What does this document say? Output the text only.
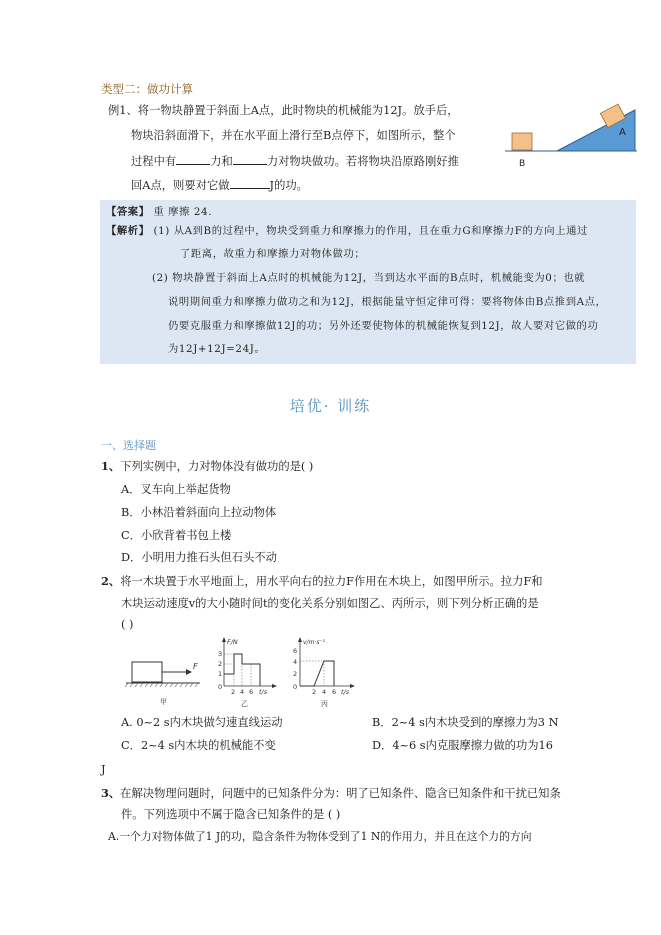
类型二：做功计算
例1、将一物块静置于斜面上A点，此时物块的机械能为12J。放手后，
物块沿斜面滑下，并在水平面上滑行至B点停下，如图所示，整个
过程中有	力和	力对物块做功。若将物块沿原路刚好推
回A点，则要对它做	J的功。
A
B
【答案】 重 摩擦 24.
【解析】 (1) 从A到B的过程中，物块受到重力和摩擦力的作用，且在重力G和摩擦力F的方向上通过
了距离，故重力和摩擦力对物体做功；
(2) 物块静置于斜面上A点时的机械能为12J，当到达水平面的B点时，机械能变为0；也就
说明期间重力和摩擦力做功之和为12J，根据能量守恒定律可得：要将物体由B点推到A点，
仍要克服重力和摩擦做12J的功；另外还要使物体的机械能恢复到12J，故人要对它做的功
为12J+12J=24J。
培优· 训练
一、选择题
1、下列实例中，力对物体没有做功的是( )
A．叉车向上举起货物
B．小林沿着斜面向上拉动物体
C．小欣背着书包上楼
D．小明用力推石头但石头不动
2、将一木块置于水平地面上，用水平向右的拉力F作用在木块上，如图甲所示。拉力F和
木块运动速度v的大小随时间t的变化关系分别如图乙、丙所示，则下列分析正确的是
( )
F
甲
F/N
3
2
1
0
2 4 6 t/s
乙
v/m·s⁻¹
6
4
2
0
2 4 6 t/s
丙
A. 0~2 s内木块做匀速直线运动	B．2~4 s内木块受到的摩擦力为3 N
C．2~4 s内木块的机械能不变	D．4~6 s内克服摩擦力做的功为16
J
3、在解决物理问题时，问题中的已知条件分为：明了已知条件、隐含已知条件和干扰已知条
件。下列选项中不属于隐含已知条件的是 ( )
A.一个力对物体做了1 J的功，隐含条件为物体受到了1 N的作用力，并且在这个力的方向
